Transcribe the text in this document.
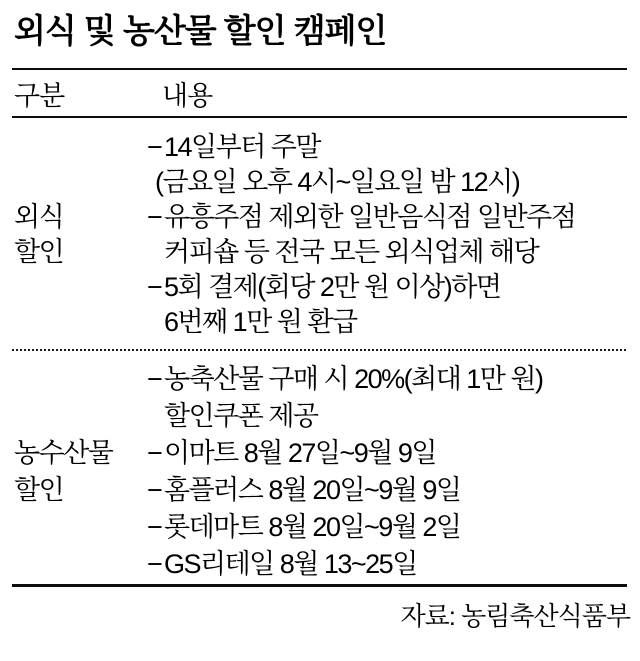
외식 및 농산물 할인 캠페인
구분	내용
외식
할인
− 14일부터 주말
(금요일 오후 4시~일요일 밤 12시)
− 유흥주점 제외한 일반음식점 일반주점
커피숍 등 전국 모든 외식업체 해당
− 5회 결제(회당 2만 원 이상)하면
6번째 1만 원 환급
농수산물
할인
− 농축산물 구매 시 20%(최대 1만 원)
할인쿠폰 제공
− 이마트 8월 27일~9월 9일
− 홈플러스 8월 20일~9월 9일
− 롯데마트 8월 20일~9월 2일
− GS리테일 8월 13~25일
자료: 농림축산식품부
